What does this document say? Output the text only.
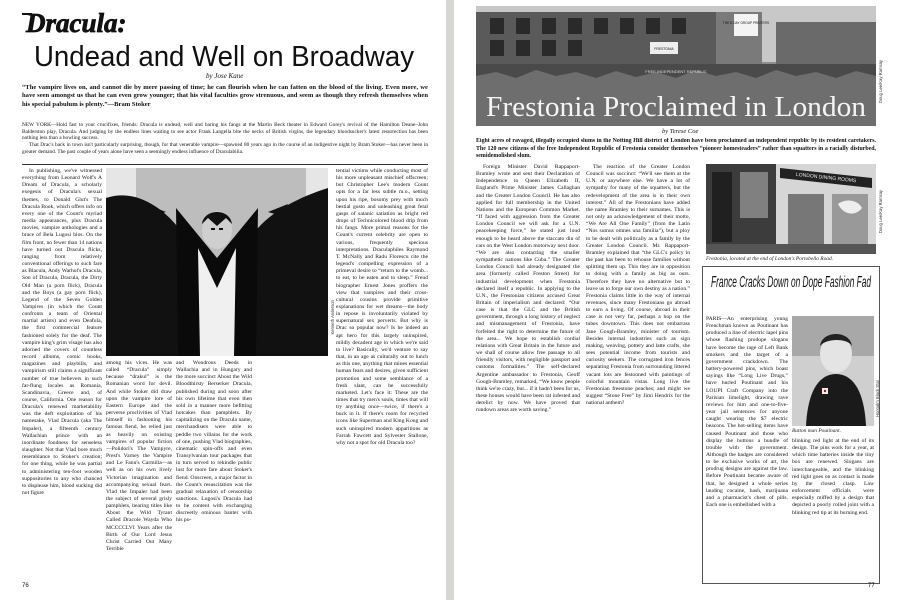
Dracula:
Undead and Well on Broadway
by Jose Kane

“The vampire lives on, and cannot die by mere passing of time; he can flourish when he can fatten on the blood of the living. Even more, we have seen amongst us that he can even grow younger; that his vital faculties grow strenuous, and seem as though they refresh themselves when his special pabulum is plenty.”—Bram Stoker

NEW YORK—Hold fast to your crucifixes, friends: Dracula is undead, well and baring his fangs at the Martin Beck theater in Edward Gorey's revival of the Hamilton Deane–John Balderston play, Dracula. And judging by the endless lines waiting to see actor Frank Langella bite the necks of British virgins, the legendary bloodsucker's latest resurrection has been nothing less than a howling success.

That Drac's back in town isn't particularly surprising, though, for that venerable vampire—spawned 80 years ago in the course of an indigestive night by Bram Stoker—has never been in greater demand. The past couple of years alone have seen a seemingly endless influence of Draculabilia.

In publishing, we've witnessed everything from Leonard Wolf's A Dream of Dracula, a scholarly exegesis of Dracula's sexual themes, to Donald Glut's The Dracula Book, which offers info on every one of the Count's myriad media appearances, plus Dracula movies, vampire anthologies and a brace of Bela Lugosi bios. On the film front, no fewer than 14 nations have turned out Dracula flicks, ranging from relatively conventional offerings to such fare as Blacula, Andy Warhol's Dracula, Son of Dracula, Dracula, the Dirty Old Man (a porn flick), Dracula and the Boys (a gay porn flick), Legend of the Seven Golden Vampires (in which the Count confronts a team of Oriental martial artists) and even Deafula, the first commercial feature fashioned solely for the deaf. The vampire king's grim visage has also adorned the covers of countless record albums, comic books, magazines and playbills, and vampirism still claims a significant number of true believers in such far-flung locales as Romania, Scandinavia, Greece and, of course, California. One reason for Dracula's renewed marketability was the deft exploitation of his namesake, Vlad Dracula (aka The Impaler), a fifteenth century Wallachian prince with an inordinate fondness for senseless slaughter. Not that Vlad bore much resemblance to Stoker's creation; for one thing, while he was partial to administering ten-foot wooden suppositories to any who chanced to displease him, blood sucking did not figure

Kenneth Anderson

among his vices. He was called “Dracula” simply because “drakul” is the Romanian word for devil. And while Stoker did draw upon the vampire lore of Eastern Europe and the perverse proclivities of Vlad himself in fashioning his famous fiend, he relied just as heavily on existing vampires of popular fiction—Polidori's The Vampyre, Prest's Varney the Vampire and Le Fanu's Carmilla—as well as on his own lively Victorian imagination and accompanying sexual fears. Vlad the Impaler had been the subject of several grisly pamphlets, bearing titles like About the Wild Tyrant Called Dracole Wayda Who MCCCCLVI Years after the Birth of Our Lord Jesus Christ Carried Out Many Terrible

and Wondrous Deeds in Wallachia and in Hungary and the more succinct About the Wild Bloodthirsty Berserker Dracula, published during and soon after his own lifetime that even then sold in a manner more befitting hotcakes than pamphlets. By capitalizing on the Dracula name, merchandisers were able to peddle two villains for the work of one, pushing Vlad biographies, cinematic spin-offs and even Transylvanian tour packages that in turn served to rekindle public lust for more fare about Stoker's fiend. Onscreen, a major factor in the Count's resuscitation was the gradual relaxation of censorship sanctions. Lugosi's Dracula had to be content with exchanging discreetly ominous banter with his po-

tential victims while conducting most of his more unpleasant mischief offscreen; but Christopher Lee's modern Count opts for a far less subtle m.o., setting upon his ripe, bosomy prey with much bestial gusto and unleashing great fetal gasps of satanic satiation as bright red drops of Technicolored blood drip from his fangs. More primal reasons for the Count's current celebrity are open to various, frequently specious interpretations. Draculaphiles Raymond T. McNally and Radu Florescu cite the legend's compelling expression of a primeval desire to “return to the womb... to eat, to be eaten and to sleep.” Freud biographer Ernest Jones proffers the view that vampires and their cross-cultural cousins provide primitive explanations for wet dreams—the body in repose is involuntarily violated by supernatural sex perverts. But why is Drac so popular now? Is he indeed an apt hero for this largely uninspired, mildly decadent age in which we're said to live? Basically, we'd venture to say that, in an age as culturally out to lunch as this one, anything that mines essential human fears and desires, given sufficient promotion and some semblance of a fresh slant, can be successfully marketed. Let's face it: These are the times that try men's souls, times that will try anything once—twice, if there's a buck in it. If there's room for recycled icons like Superman and King Kong and such uninspired modern apparitions as Farrah Fawcett and Sylvester Stallone, why not a spot for old Dracula too?

76
THE E-DAY GROUP PRINTERS
FRESTONIA
FREE INDEPENDENT REPUBLIC
Frestonia Proclaimed in London
Doug Lee/Kay Ramsay
by Terese Coe

Eight acres of ravaged, illegally occupied slums in the Notting Hill district of London have been proclaimed an independent republic by its resident caretakers. The 120 new citizens of the free Independent Republic of Frestonia consider themselves “pioneer homesteaders” rather than squatters in a racially disturbed, semidemolished slum.

Foreign Minister David Rappaport-Bramley wrote and sent their Declaration of Independence to Queen Elizabeth II, England's Prime Minister James Callaghan and the Greater London Council. He has also applied for full membership in the United Nations and the European Common Market. “If faced with aggression from the Greater London Council we will ask for a U.N. peacekeeping force,” he stated just loud enough to be heard above the staccato din of cars on the West London motorway next door. “We are also contacting the smaller sympathetic nations like Cuba.” The Greater London Council had already designated the area (formerly called Freston Street) for industrial development when Frestonia declared itself a republic. In applying to the U.N., the Frestonian citizens accused Great Britain of imperialism and declared: “Our case is that the GLC and the British government, through a long history of neglect and mismanagement of Frestonia, have forfeited the right to determine the future of the area... We hope to establish cordial relations with Great Britain in the future and we shall of course allow free passage to all friendly visitors, with negligible passport and customs formalities.” The self-declared Argentine ambassador to Frestonia, Geoff Gough-Bramley, remarked, “We know people think we're crazy, but... if it hadn't been for us, these houses would have been rat infested and derelict by now. We have proved that rundown areas are worth saving.”

The reaction of the Greater London Council was succinct: “We'll see them at the U.N. or anywhere else. We have a lot of sympathy for many of the squatters, but the redevelopment of the area is in their own interest.” All of the Frestonians have added the name Bramley to their surnames. This is not only an acknowledgement of their motto, “We Are All One Family” (from the Latin “Nos sumus omnes una familia”), but a ploy to be dealt with politically as a family by the Greater London Council. Mr. Rappaport-Bramley explained that “the GLC's policy in the past has been to rehouse families without splitting them up. This they are in opposition to doing with a family as big as ours. Therefore they have no alternative but to leave us to forge our own destiny as a nation.” Frestonia claims little in the way of internal revenues, since many Frestonians go abroad to earn a living. Of course, abroad in their case is not very far, perhaps a hop on the tubes downtown. This does not embarrass Jane Gough-Bramley, minister of tourism. Besides internal industries such as sign making, weaving, pottery and latte crafts, she sees potential income from tourists and curiosity seekers. The corrugated iron fences separating Frestonia from surrounding littered vacant lots are festooned with paintings of colorful mountain vistas. Long live the Frestonian freestone peaches; and might we suggest “Stone Free” by Jimi Hendrix for the national anthem?

LONDON DINING ROOMS
Doug Lee/Kay Ramsay
Frestonia, located at the end of London's Portobello Road.
France Cracks Down on Dope Fashion Fad

PARIS—An enterprising young Frenchman known as Poutinant has produced a line of electric lapel pins whose flashing prodope slogans have become the rage of Left Bank smokers and the target of a government crackdown. The battery-powered pins, which boast sayings like “Long Live Drugs,” have hurled Poutinant and his LOUPI Craft Company into the Parisian limelight, drawing rave reviews for him and one-to-five-year jail sentences for anyone caught wearing the $7 electric beacons. The hot-selling items have caused Poutinant and those who display the buttons a bundle of trouble with the government. Although the badges are considered to be exclusive works of art, the prodrug designs are against the law. Before Poutinant became aware of that, he designed a whole series lauding cocaine, hash, marijuana and a pharmacist's chest of pills. Each one is embellished with a

Hopgalm Black Star
Button man Poutinant.

blinking red light at the end of its design. The pins work for a year, at which time batteries inside the tiny box are renewed. Slogans are interchangeable, and the blinking red light goes on as contact is made by the closed clasp. Law enforcement officials were especially miffed by a design that depicted a poorly rolled joint with a blinking red tip at its burning end.

77
